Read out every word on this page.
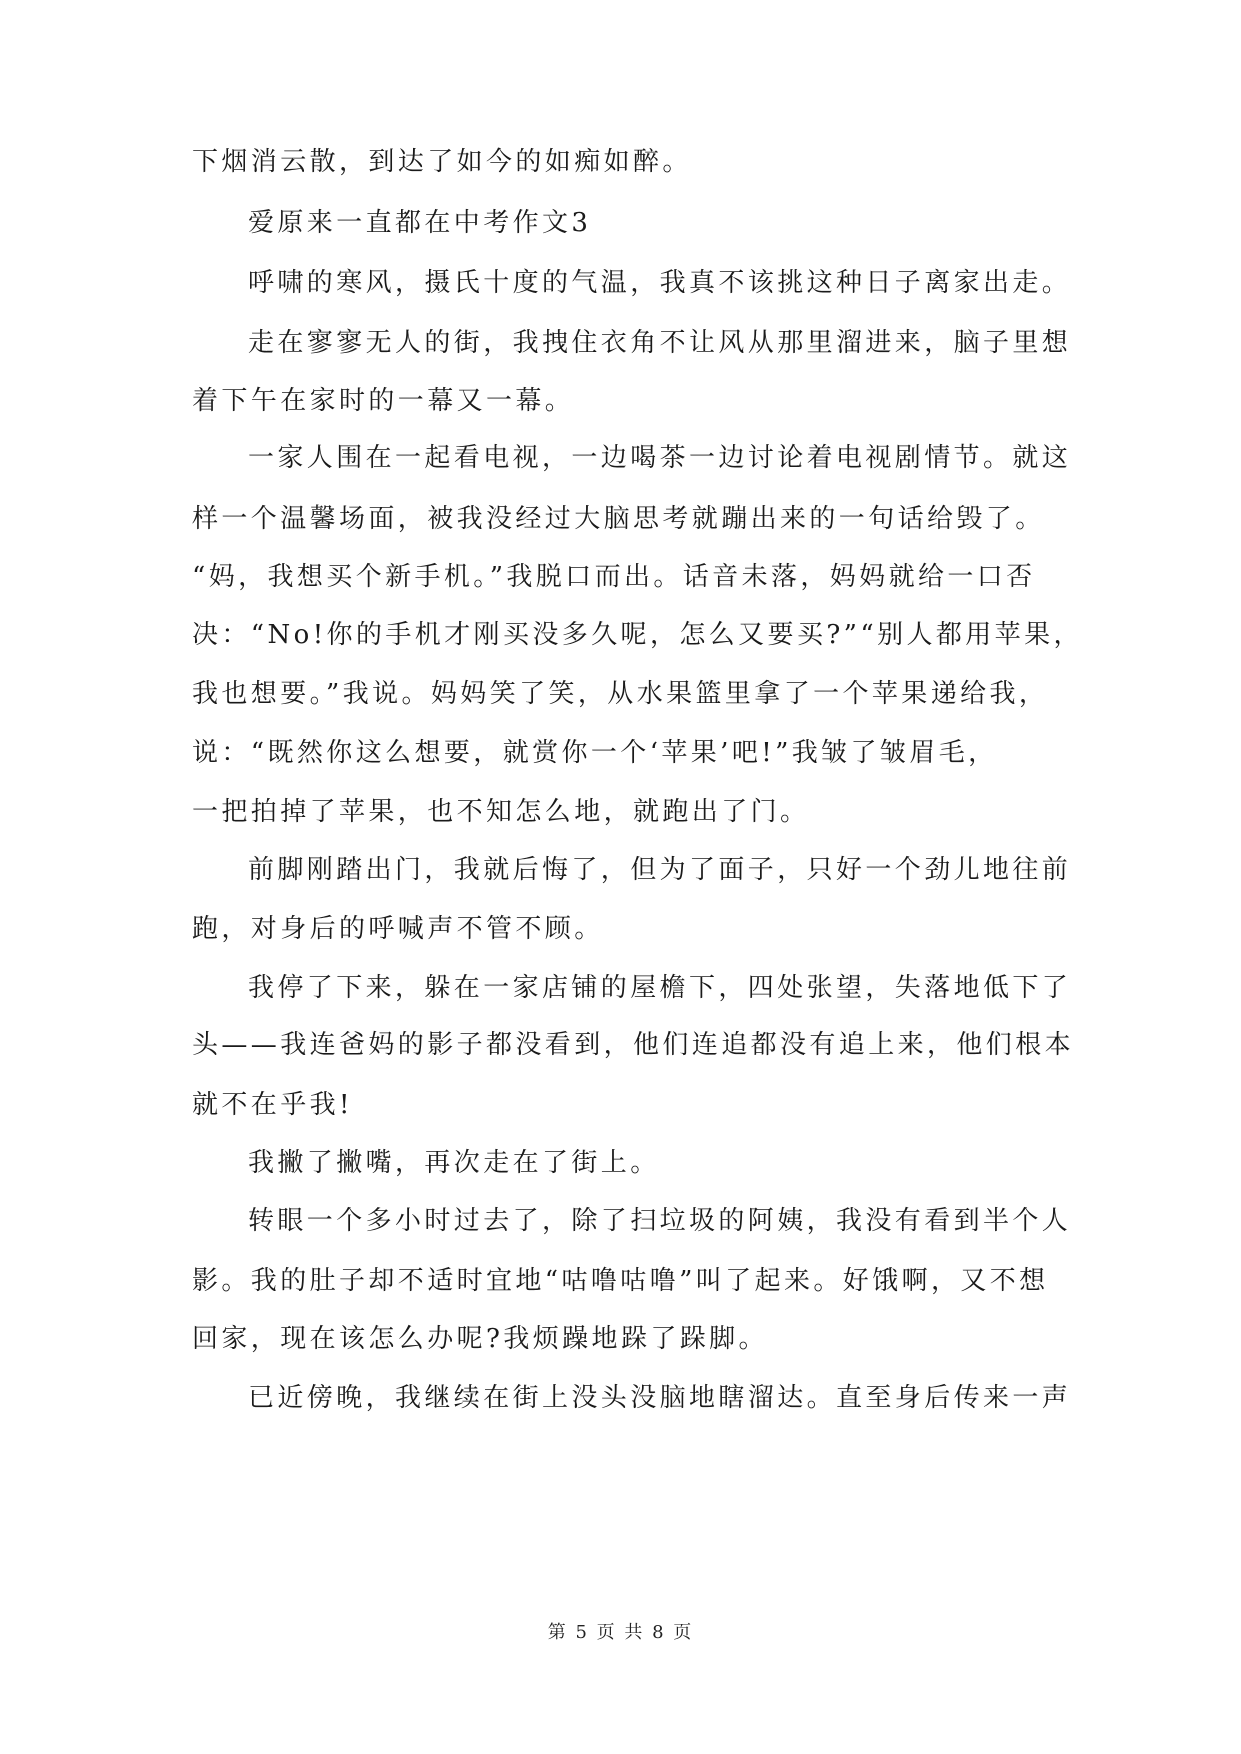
下烟消云散，到达了如今的如痴如醉。
爱原来一直都在中考作文3
呼啸的寒风，摄氏十度的气温，我真不该挑这种日子离家出走。
走在寥寥无人的街，我拽住衣角不让风从那里溜进来，脑子里想
着下午在家时的一幕又一幕。
一家人围在一起看电视，一边喝茶一边讨论着电视剧情节。就这
样一个温馨场面，被我没经过大脑思考就蹦出来的一句话给毁了。
“妈，我想买个新手机。”我脱口而出。话音未落，妈妈就给一口否
决：“No!你的手机才刚买没多久呢，怎么又要买?”“别人都用苹果，
我也想要。”我说。妈妈笑了笑，从水果篮里拿了一个苹果递给我，
说：“既然你这么想要，就赏你一个‘苹果’吧!”我皱了皱眉毛，
一把拍掉了苹果，也不知怎么地，就跑出了门。
前脚刚踏出门，我就后悔了，但为了面子，只好一个劲儿地往前
跑，对身后的呼喊声不管不顾。
我停了下来，躲在一家店铺的屋檐下，四处张望，失落地低下了
头——我连爸妈的影子都没看到，他们连追都没有追上来，他们根本
就不在乎我!
我撇了撇嘴，再次走在了街上。
转眼一个多小时过去了，除了扫垃圾的阿姨，我没有看到半个人
影。我的肚子却不适时宜地“咕噜咕噜”叫了起来。好饿啊，又不想
回家，现在该怎么办呢?我烦躁地跺了跺脚。
已近傍晚，我继续在街上没头没脑地瞎溜达。直至身后传来一声
第 5 页 共 8 页
